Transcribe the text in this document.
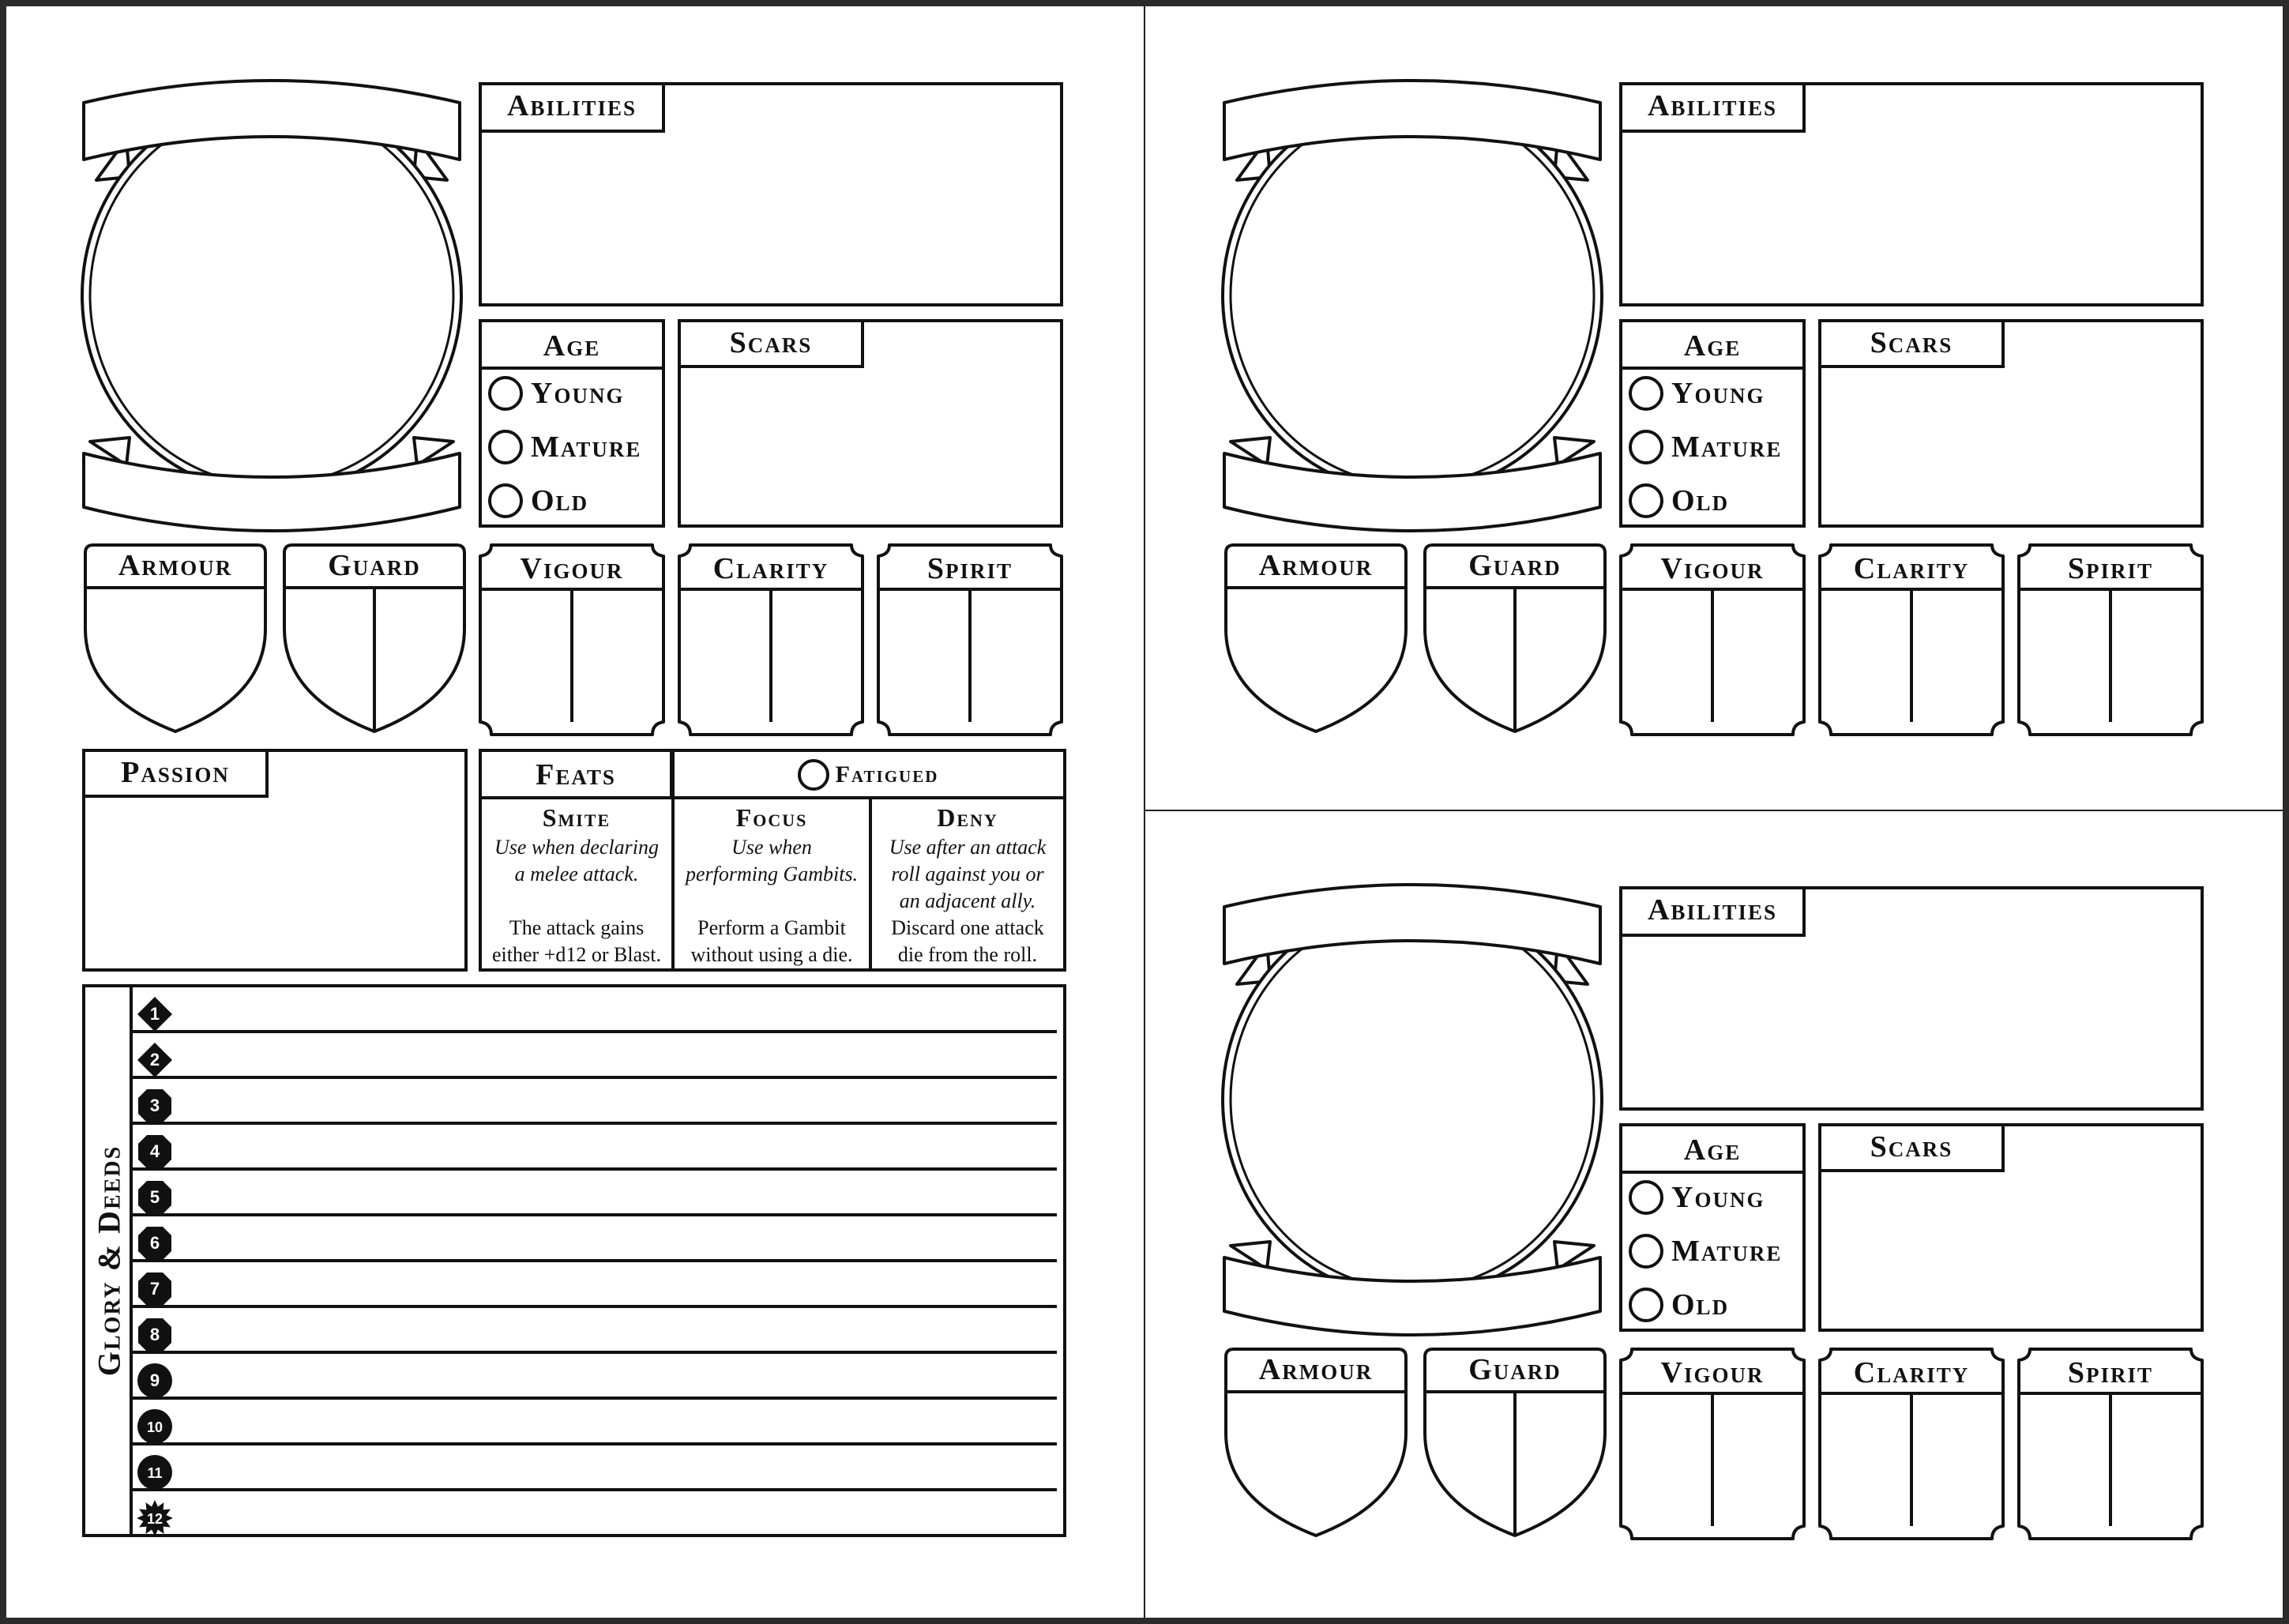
Abilities
Age
Young
Mature
Old
Scars
Armour	Guard	Vigour	Clarity	Spirit
Abilities
Age
Young
Mature
Old
Scars
Armour	Guard	Vigour	Clarity	Spirit
Abilities
Age
Young
Mature
Old
Scars
Armour	Guard	Vigour	Clarity	Spirit
Passion	Feats	Fatigued
Smite
Use when declaring
a melee attack.
The attack gains
either +d12 or Blast.
Focus
Use when
performing Gambits.
Perform a Gambit
without using a die.
Deny
Use after an attack
roll against you or
an adjacent ally.
Discard one attack
die from the roll.
Glory & Deeds
1
2
3
4
5
6
7
8
9
10
11
12
